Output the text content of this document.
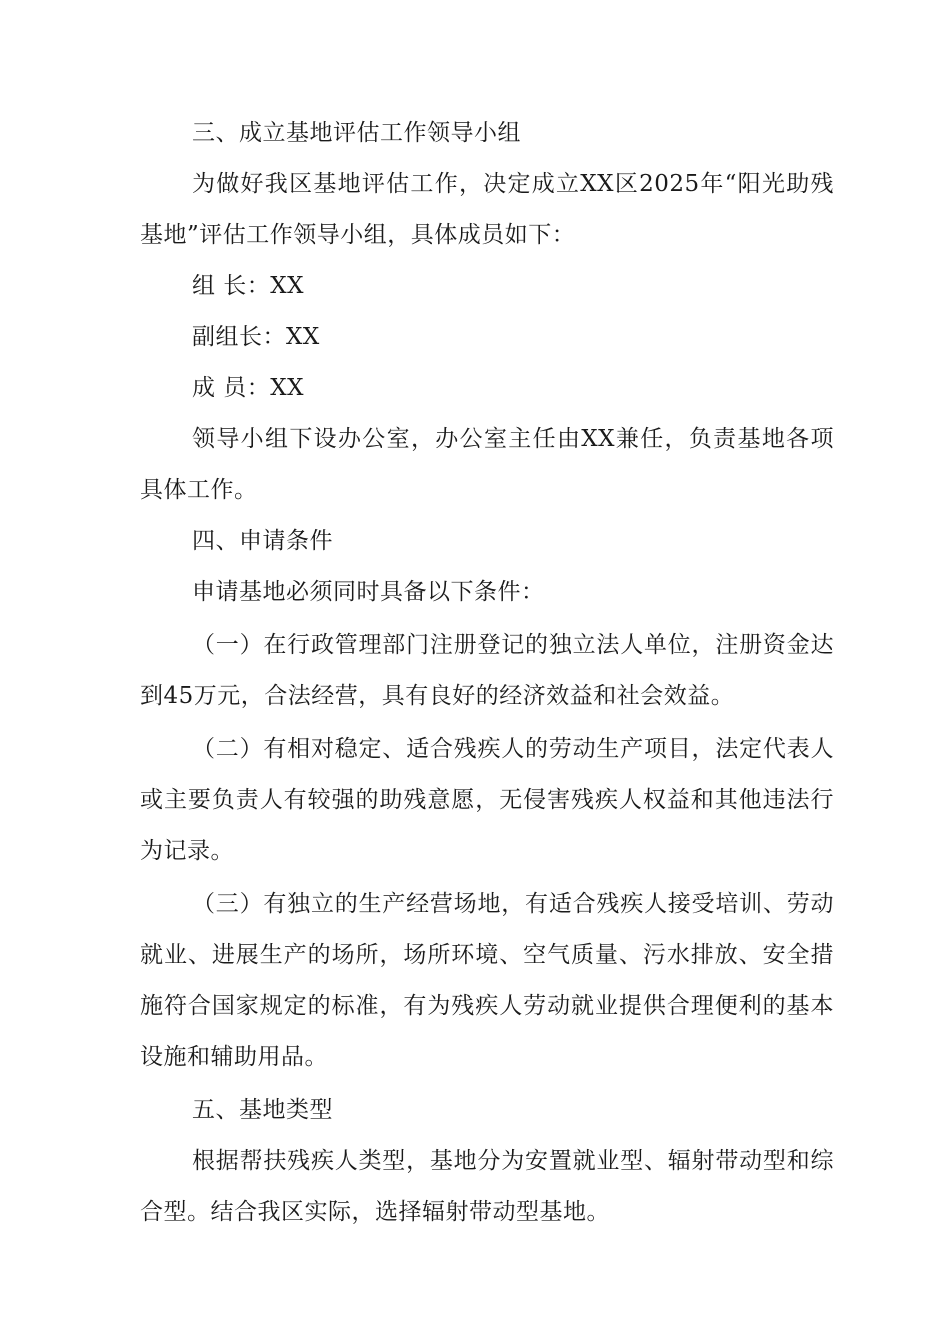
三、成立基地评估工作领导小组

为做好我区基地评估工作，决定成立XX区2025年“阳光助残基地”评估工作领导小组，具体成员如下：

组 长：XX

副组长：XX

成 员：XX

领导小组下设办公室，办公室主任由XX兼任，负责基地各项具体工作。

四、申请条件

申请基地必须同时具备以下条件：

（一）在行政管理部门注册登记的独立法人单位，注册资金达到45万元，合法经营，具有良好的经济效益和社会效益。

（二）有相对稳定、适合残疾人的劳动生产项目，法定代表人或主要负责人有较强的助残意愿，无侵害残疾人权益和其他违法行为记录。

（三）有独立的生产经营场地，有适合残疾人接受培训、劳动就业、进展生产的场所，场所环境、空气质量、污水排放、安全措施符合国家规定的标准，有为残疾人劳动就业提供合理便利的基本设施和辅助用品。

五、基地类型

根据帮扶残疾人类型，基地分为安置就业型、辐射带动型和综合型。结合我区实际，选择辐射带动型基地。
